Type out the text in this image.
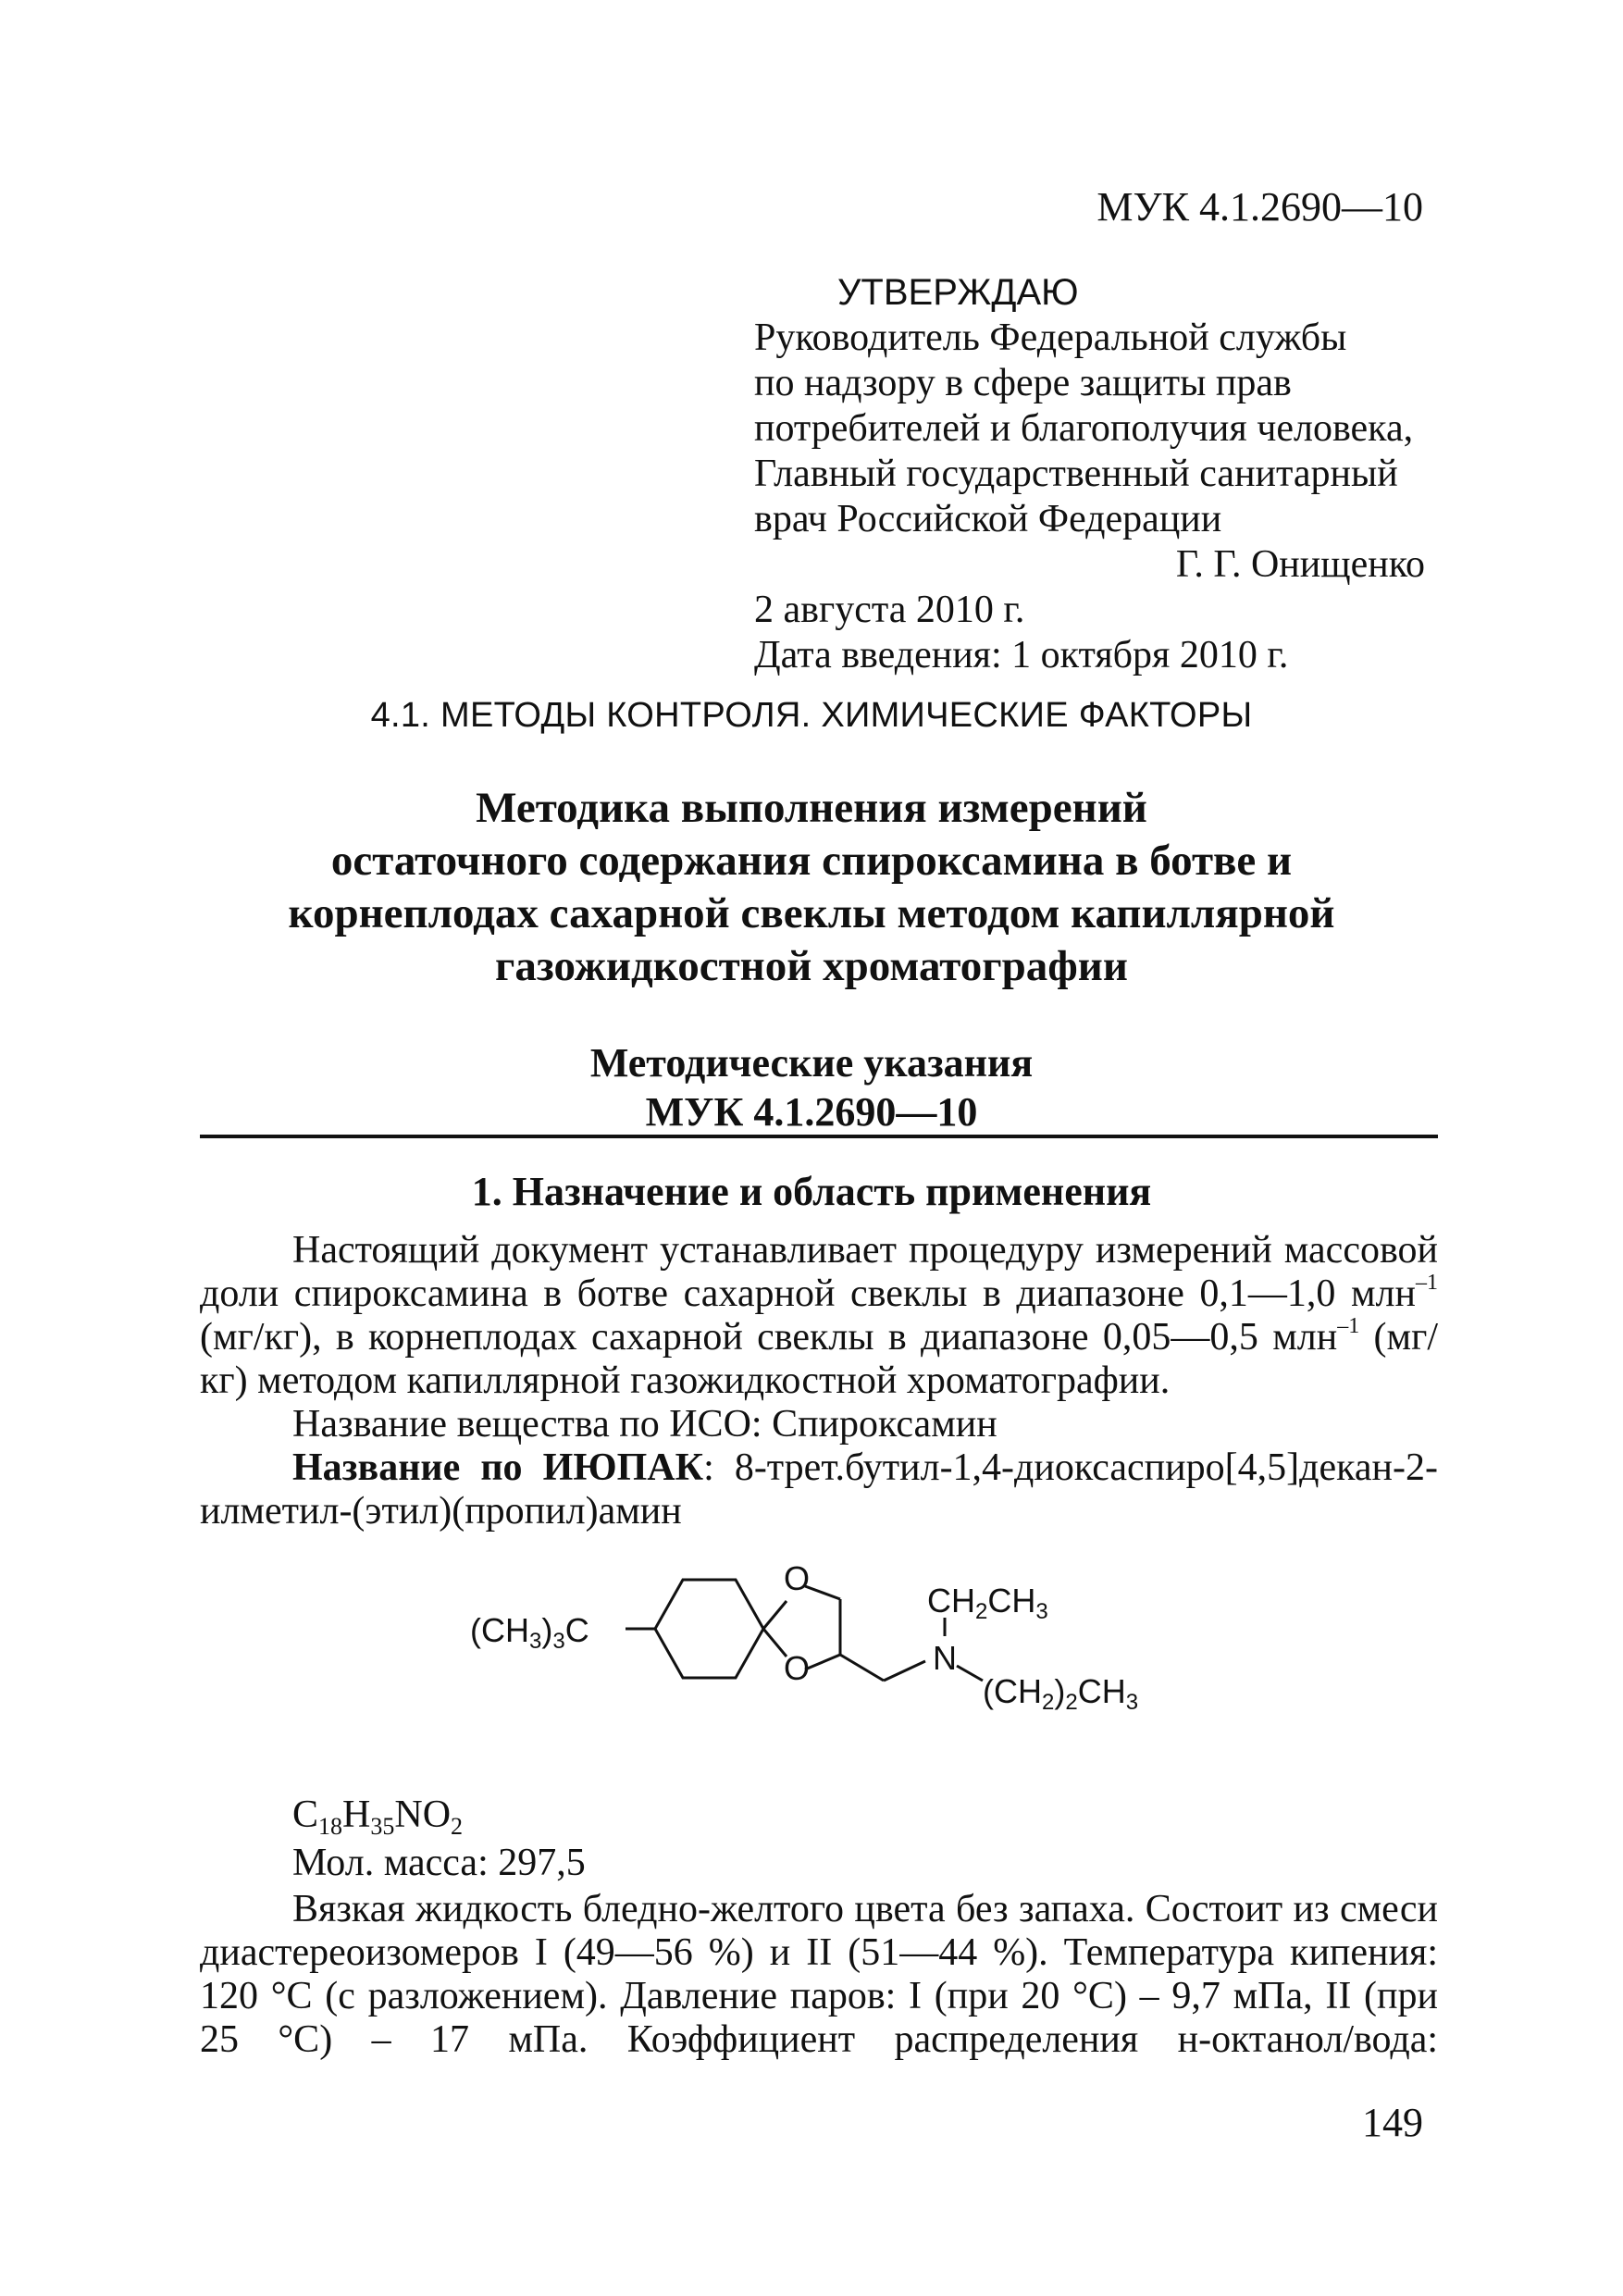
МУК 4.1.2690—10
УТВЕРЖДАЮ
Руководитель Федеральной службы
по надзору в сфере защиты прав
потребителей и благополучия человека,
Главный государственный санитарный
врач Российской Федерации
Г. Г. Онищенко
2 августа 2010 г.
Дата введения: 1 октября 2010 г.
4.1. МЕТОДЫ КОНТРОЛЯ. ХИМИЧЕСКИЕ ФАКТОРЫ
Методика выполнения измерений
остаточного содержания спироксамина в ботве и
корнеплодах сахарной свеклы методом капиллярной
газожидкостной хроматографии
Методические указания
МУК 4.1.2690—10
1. Назначение и область применения

Настоящий документ устанавливает процедуру измерений массовой доли спироксамина в ботве сахарной свеклы в диапазоне 0,1—1,0 млн$^{-1}$ (мг/кг), в корнеплодах сахарной свеклы в диапазоне 0,05—0,5 млн$^{-1}$ (мг/кг) методом капиллярной газожидкостной хроматографии.

Название вещества по ИСО: Спироксамин

Название по ИЮПАК: 8-трет.бутил-1,4-диоксаспиро[4,5]декан-2-илметил-(этил)(пропил)амин

(CH3)3C
O
O	N
CH2CH3
(CH2)2CH3
$C_{18}H_{35}NO_2$
Мол. масса: 297,5

Вязкая жидкость бледно-желтого цвета без запаха. Состоит из смеси диастереоизомеров I (49—56 %) и II (51—44 %). Температура кипения: 120 °С (с разложением). Давление паров: I (при 20 °С) – 9,7 мПа, II (при 25 °С) – 17 мПа. Коэффициент распределения н-октанол/вода:

149
